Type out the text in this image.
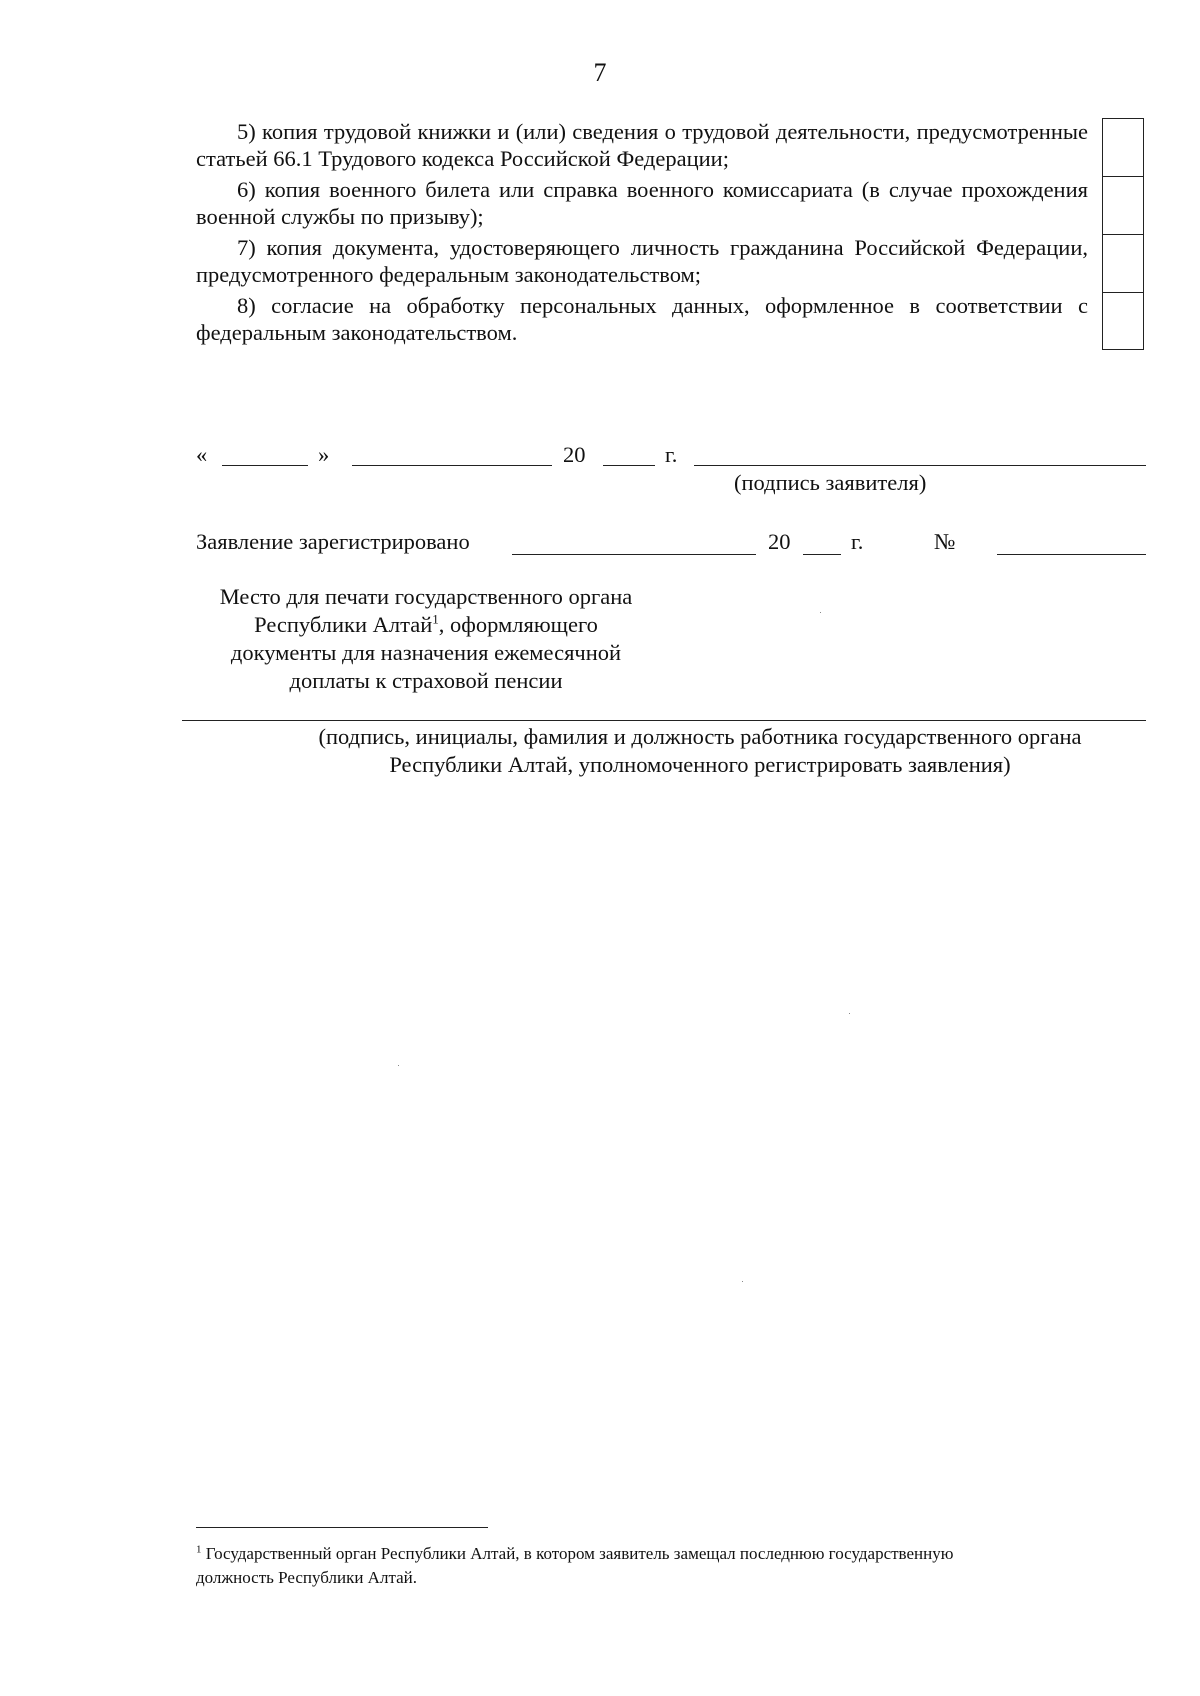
7

5) копия трудовой книжки и (или) сведения о трудовой деятельности, предусмотренные статьей 66.1 Трудового кодекса Российской Федерации;

6) копия военного билета или справка военного комиссариата (в случае прохождения военной службы по призыву);

7) копия документа, удостоверяющего личность гражданина Российской Федерации, предусмотренного федеральным законодательством;

8) согласие на обработку персональных данных, оформленное в соответствии с федеральным законодательством.

«	»	20	г.
(подпись заявителя)
Заявление зарегистрировано	20	г.	№
Место для печати государственного органа
Республики Алтай$^1$, оформляющего
документы для назначения ежемесячной
доплаты к страховой пенсии
(подпись, инициалы, фамилия и должность работника государственного органа
Республики Алтай, уполномоченного регистрировать заявления)
$^1$ Государственный орган Республики Алтай, в котором заявитель замещал последнюю государственную должность Республики Алтай.
